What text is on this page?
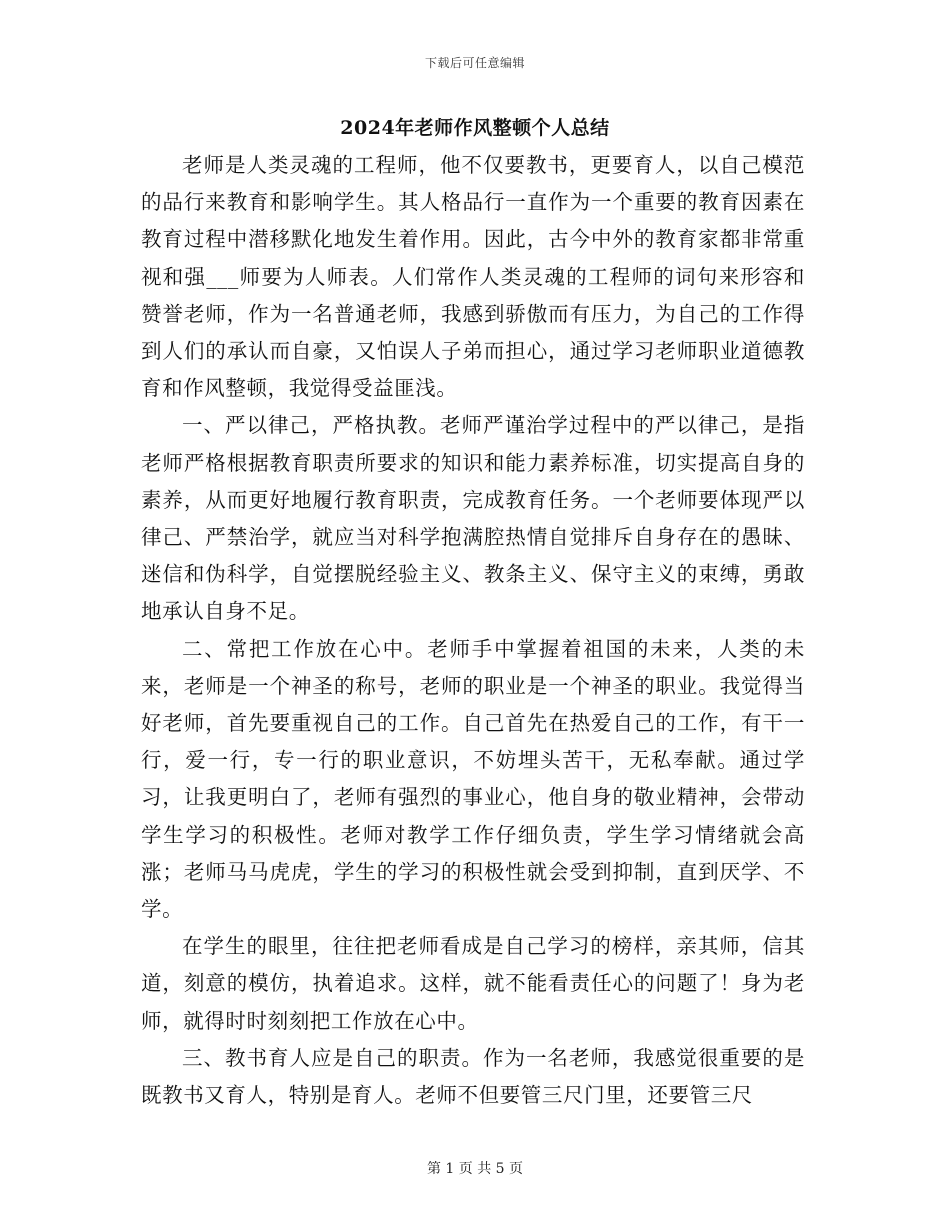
下载后可任意编辑
2024年老师作风整顿个人总结

老师是人类灵魂的工程师，他不仅要教书，更要育人，以自己模范的品行来教育和影响学生。其人格品行一直作为一个重要的教育因素在教育过程中潜移默化地发生着作用。因此，古今中外的教育家都非常重视和强___师要为人师表。人们常作人类灵魂的工程师的词句来形容和赞誉老师，作为一名普通老师，我感到骄傲而有压力，为自己的工作得到人们的承认而自豪，又怕误人子弟而担心，通过学习老师职业道德教育和作风整顿，我觉得受益匪浅。

一、严以律己，严格执教。老师严谨治学过程中的严以律己，是指老师严格根据教育职责所要求的知识和能力素养标准，切实提高自身的素养，从而更好地履行教育职责，完成教育任务。一个老师要体现严以律己、严禁治学，就应当对科学抱满腔热情自觉排斥自身存在的愚昧、迷信和伪科学，自觉摆脱经验主义、教条主义、保守主义的束缚，勇敢地承认自身不足。

二、常把工作放在心中。老师手中掌握着祖国的未来，人类的未来，老师是一个神圣的称号，老师的职业是一个神圣的职业。我觉得当好老师，首先要重视自己的工作。自己首先在热爱自己的工作，有干一行，爱一行，专一行的职业意识，不妨埋头苦干，无私奉献。通过学习，让我更明白了，老师有强烈的事业心，他自身的敬业精神，会带动学生学习的积极性。老师对教学工作仔细负责，学生学习情绪就会高涨；老师马马虎虎，学生的学习的积极性就会受到抑制，直到厌学、不学。

在学生的眼里，往往把老师看成是自己学习的榜样，亲其师，信其道，刻意的模仿，执着追求。这样，就不能看责任心的问题了！身为老师，就得时时刻刻把工作放在心中。

三、教书育人应是自己的职责。作为一名老师，我感觉很重要的是既教书又育人，特别是育人。老师不但要管三尺门里，还要管三尺

第 1 页 共 5 页
